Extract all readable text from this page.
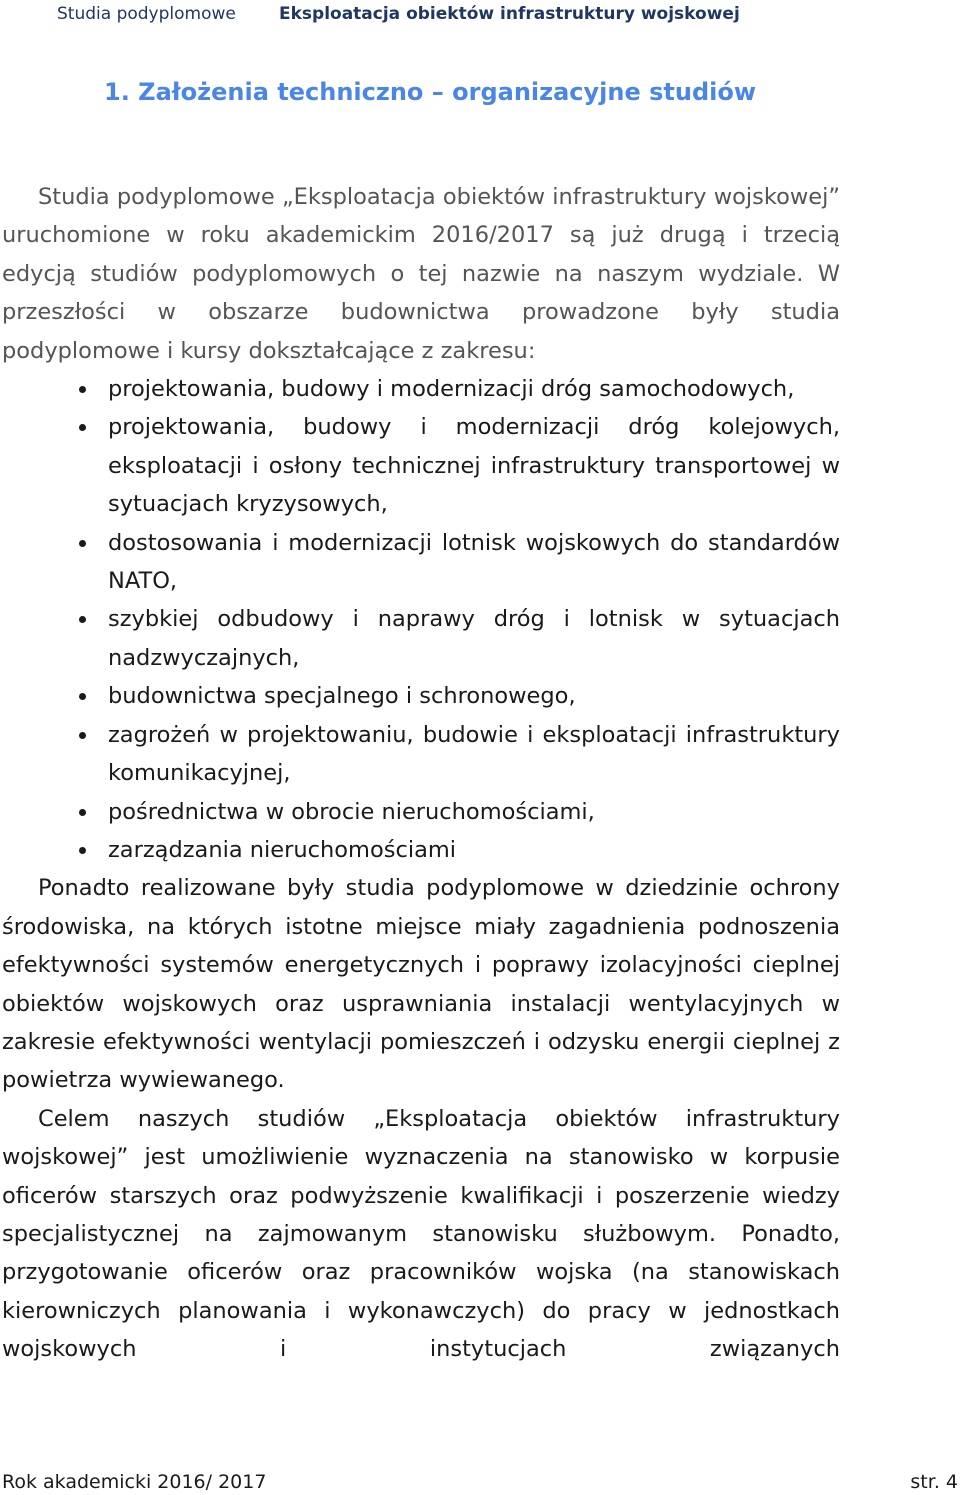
Studia podyplomowe	Eksploatacja obiektów infrastruktury wojskowej
1. Założenia techniczno – organizacyjne studiów

Studia podyplomowe „Eksploatacja obiektów infrastruktury wojskowej” uruchomione w roku akademickim 2016/2017 są już drugą i trzecią edycją studiów podyplomowych o tej nazwie na naszym wydziale. W przeszłości w obszarze budownictwa prowadzone były studia podyplomowe i kursy dokształcające z zakresu:

projektowania, budowy i modernizacji dróg samochodowych,
projektowania, budowy i modernizacji dróg kolejowych, eksploatacji i osłony technicznej infrastruktury transportowej w sytuacjach kryzysowych,
dostosowania i modernizacji lotnisk wojskowych do standardów NATO,
szybkiej odbudowy i naprawy dróg i lotnisk w sytuacjach nadzwyczajnych,
budownictwa specjalnego i schronowego,
zagrożeń w projektowaniu, budowie i eksploatacji infrastruktury komunikacyjnej,
pośrednictwa w obrocie nieruchomościami,
zarządzania nieruchomościami

Ponadto realizowane były studia podyplomowe w dziedzinie ochrony środowiska, na których istotne miejsce miały zagadnienia podnoszenia efektywności systemów energetycznych i poprawy izolacyjności cieplnej obiektów wojskowych oraz usprawniania instalacji wentylacyjnych w zakresie efektywności wentylacji pomieszczeń i odzysku energii cieplnej z powietrza wywiewanego.

Celem naszych studiów „Eksploatacja obiektów infrastruktury wojskowej” jest umożliwienie wyznaczenia na stanowisko w korpusie oficerów starszych oraz podwyższenie kwalifikacji i poszerzenie wiedzy specjalistycznej na zajmowanym stanowisku służbowym. Ponadto, przygotowanie oficerów oraz pracowników wojska (na stanowiskach kierowniczych planowania i wykonawczych) do pracy w jednostkach wojskowych i instytucjach związanych

Rok akademicki 2016/ 2017	str. 4
